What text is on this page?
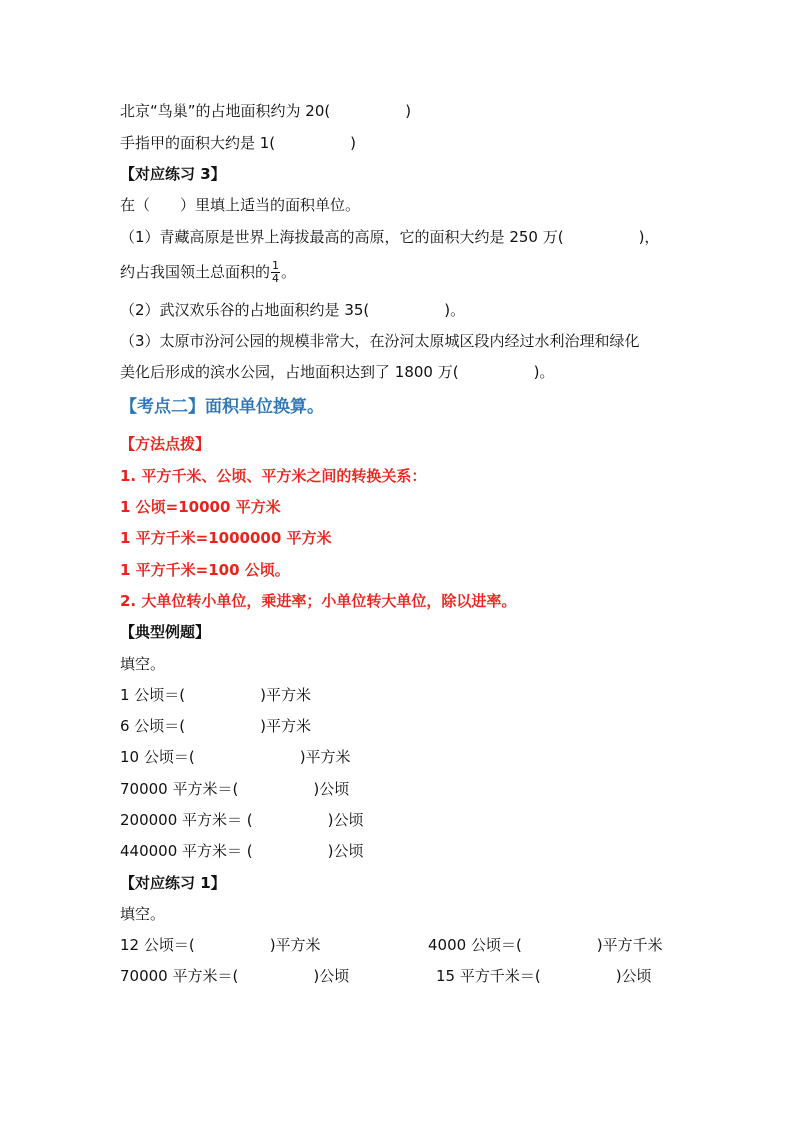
北京“鸟巢”的占地面积约为 20(　　　　　)
手指甲的面积大约是 1(　　　　　)
【对应练习 3】
在（　　）里填上适当的面积单位。
（1）青藏高原是世界上海拔最高的高原，它的面积大约是 250 万(　　　　　)，
约占我国领土总面积的 $\frac{1}{4}$ 。
（2）武汉欢乐谷的占地面积约是 35(　　　　　)。
（3）太原市汾河公园的规模非常大，在汾河太原城区段内经过水利治理和绿化
美化后形成的滨水公园，占地面积达到了 1800 万(　　　　　)。
【考点二】面积单位换算。
【方法点拨】
1. 平方千米、公顷、平方米之间的转换关系：
1 公顷=10000 平方米
1 平方千米=1000000 平方米
1 平方千米=100 公顷。
2. 大单位转小单位，乘进率；小单位转大单位，除以进率。
【典型例题】
填空。
1 公顷＝(　　　　　)平方米
6 公顷＝(　　　　　)平方米
10 公顷＝(　　　　　　　)平方米
70000 平方米＝(　　　　　)公顷
200000 平方米＝ (　　　　　)公顷
440000 平方米＝ (　　　　　)公顷
【对应练习 1】
填空。
12 公顷＝(　　　　　)平方米	4000 公顷＝(　　　　　)平方千米
70000 平方米＝(　　　　　)公顷	15 平方千米＝(　　　　　)公顷
